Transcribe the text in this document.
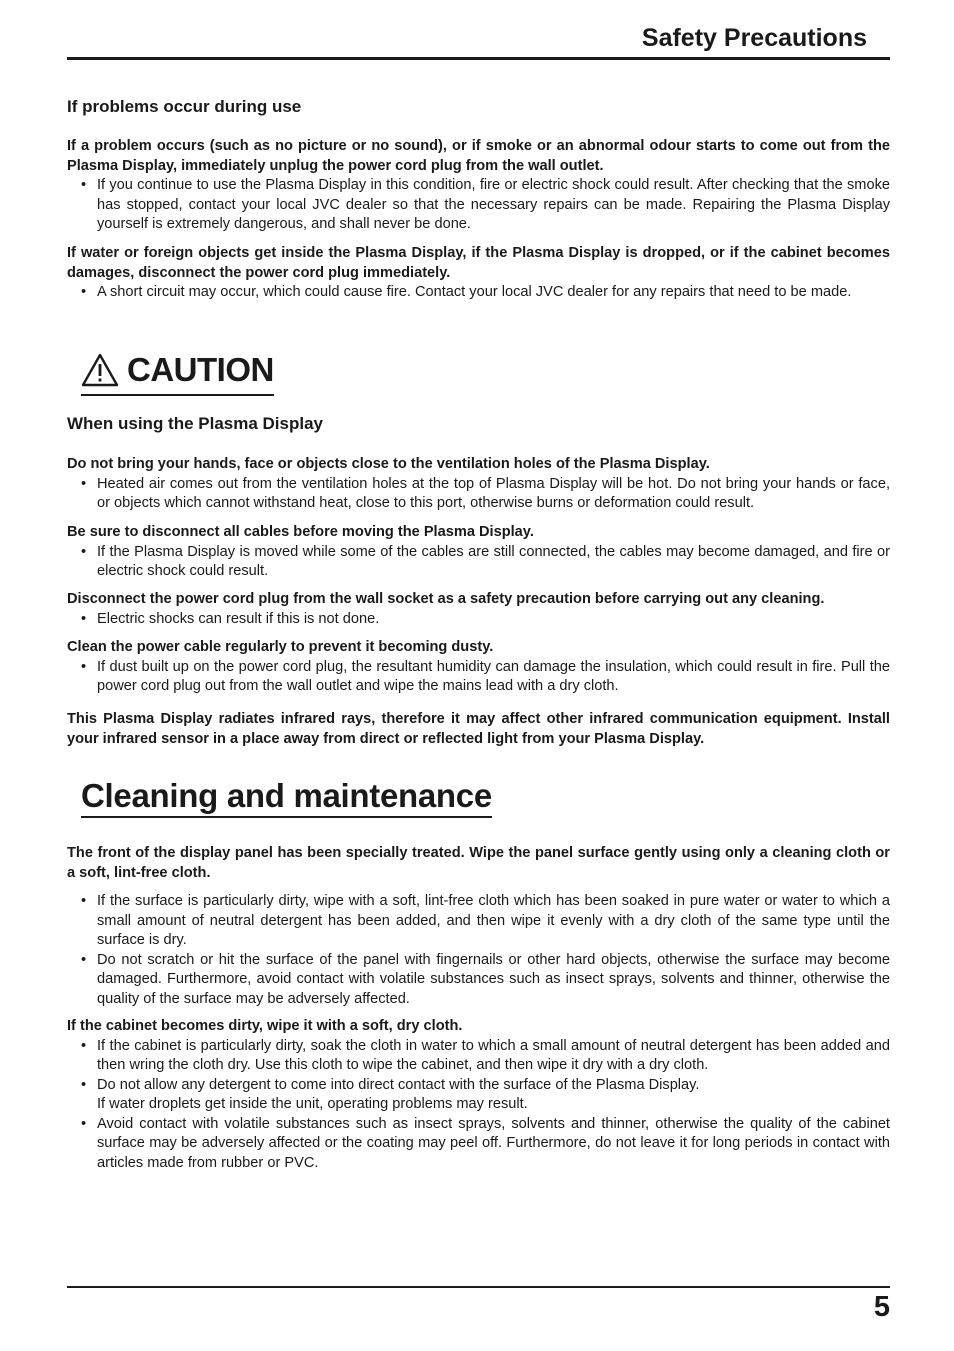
Safety Precautions
If problems occur during use

If a problem occurs (such as no picture or no sound), or if smoke or an abnormal odour starts to come out from the Plasma Display, immediately unplug the power cord plug from the wall outlet.

• If you continue to use the Plasma Display in this condition, fire or electric shock could result. After checking that the smoke has stopped, contact your local JVC dealer so that the necessary repairs can be made. Repairing the Plasma Display yourself is extremely dangerous, and shall never be done.

If water or foreign objects get inside the Plasma Display, if the Plasma Display is dropped, or if the cabinet becomes damages, disconnect the power cord plug immediately.

• A short circuit may occur, which could cause fire. Contact your local JVC dealer for any repairs that need to be made.

CAUTION
When using the Plasma Display

Do not bring your hands, face or objects close to the ventilation holes of the Plasma Display.

• Heated air comes out from the ventilation holes at the top of Plasma Display will be hot. Do not bring your hands or face, or objects which cannot withstand heat, close to this port, otherwise burns or deformation could result.

Be sure to disconnect all cables before moving the Plasma Display.

• If the Plasma Display is moved while some of the cables are still connected, the cables may become damaged, and fire or electric shock could result.

Disconnect the power cord plug from the wall socket as a safety precaution before carrying out any cleaning.

• Electric shocks can result if this is not done.

Clean the power cable regularly to prevent it becoming dusty.

• If dust built up on the power cord plug, the resultant humidity can damage the insulation, which could result in fire. Pull the power cord plug out from the wall outlet and wipe the mains lead with a dry cloth.

This Plasma Display radiates infrared rays, therefore it may affect other infrared communication equipment. Install your infrared sensor in a place away from direct or reflected light from your Plasma Display.

Cleaning and maintenance

The front of the display panel has been specially treated. Wipe the panel surface gently using only a cleaning cloth or a soft, lint-free cloth.

• If the surface is particularly dirty, wipe with a soft, lint-free cloth which has been soaked in pure water or water to which a small amount of neutral detergent has been added, and then wipe it evenly with a dry cloth of the same type until the surface is dry.

• Do not scratch or hit the surface of the panel with fingernails or other hard objects, otherwise the surface may become damaged. Furthermore, avoid contact with volatile substances such as insect sprays, solvents and thinner, otherwise the quality of the surface may be adversely affected.

If the cabinet becomes dirty, wipe it with a soft, dry cloth.

• If the cabinet is particularly dirty, soak the cloth in water to which a small amount of neutral detergent has been added and then wring the cloth dry. Use this cloth to wipe the cabinet, and then wipe it dry with a dry cloth.

• Do not allow any detergent to come into direct contact with the surface of the Plasma Display.

If water droplets get inside the unit, operating problems may result.

• Avoid contact with volatile substances such as insect sprays, solvents and thinner, otherwise the quality of the cabinet surface may be adversely affected or the coating may peel off. Furthermore, do not leave it for long periods in contact with articles made from rubber or PVC.

5
